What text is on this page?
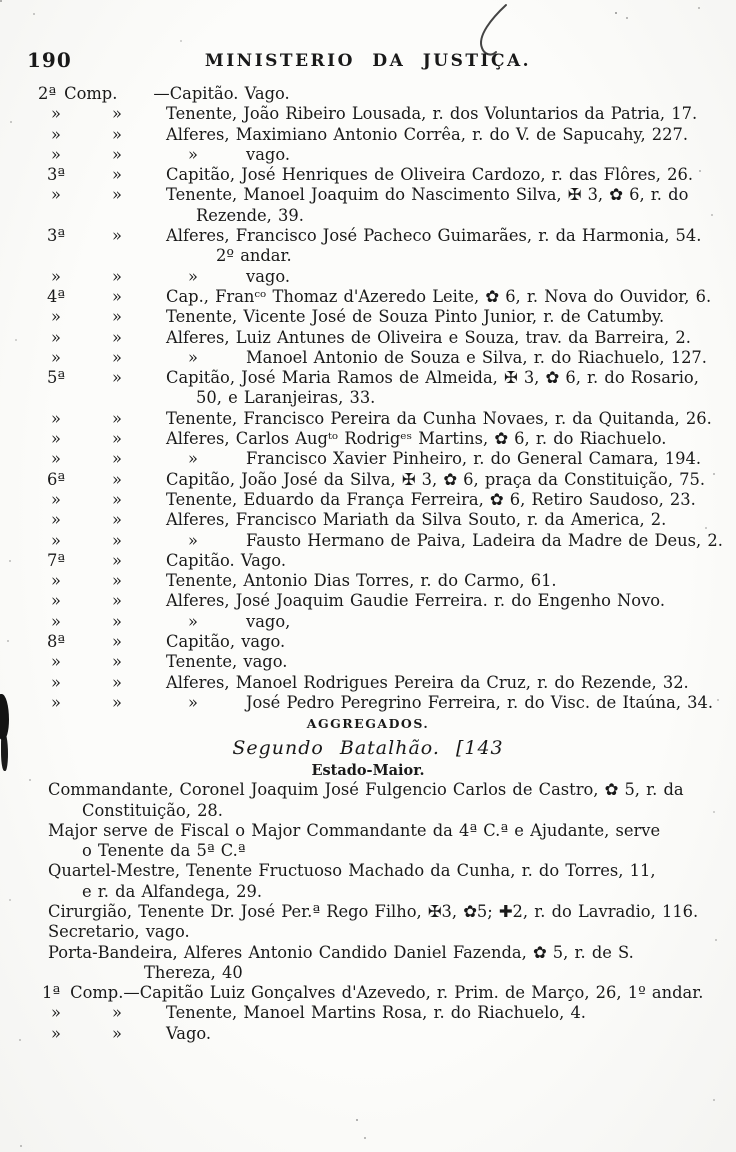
190	MINISTERIO DA JUSTIÇA.
2ª Comp. —Capitão. Vago.
»	»	Tenente, João Ribeiro Lousada, r. dos Voluntarios da Patria, 17.
»	»	Alferes, Maximiano Antonio Corrêa, r. do V. de Sapucahy, 227.
»	»	»	vago.
3ª	»	Capitão, José Henriques de Oliveira Cardozo, r. das Flôres, 26.
»	»	Tenente, Manoel Joaquim do Nascimento Silva, ✠ 3, ✿ 6, r. do
Rezende, 39.
3ª	»	Alferes, Francisco José Pacheco Guimarães, r. da Harmonia, 54.
2º andar.
»	»	»	vago.
4ª	»	Cap., Franᶜᵒ Thomaz d'Azeredo Leite, ✿ 6, r. Nova do Ouvidor, 6.
»	»	Tenente, Vicente José de Souza Pinto Junior, r. de Catumby.
»	»	Alferes, Luiz Antunes de Oliveira e Souza, trav. da Barreira, 2.
»	»	»	Manoel Antonio de Souza e Silva, r. do Riachuelo, 127.
5ª	»	Capitão, José Maria Ramos de Almeida, ✠ 3, ✿ 6, r. do Rosario,
50, e Laranjeiras, 33.
»	»	Tenente, Francisco Pereira da Cunha Novaes, r. da Quitanda, 26.
»	»	Alferes, Carlos Augᵗᵒ Rodrigᵉˢ Martins, ✿ 6, r. do Riachuelo.
»	»	»	Francisco Xavier Pinheiro, r. do General Camara, 194.
6ª	»	Capitão, João José da Silva, ✠ 3, ✿ 6, praça da Constituição, 75.
»	»	Tenente, Eduardo da França Ferreira, ✿ 6, Retiro Saudoso, 23.
»	»	Alferes, Francisco Mariath da Silva Souto, r. da America, 2.
»	»	»	Fausto Hermano de Paiva, Ladeira da Madre de Deus, 2.
7ª	»	Capitão. Vago.
»	»	Tenente, Antonio Dias Torres, r. do Carmo, 61.
»	»	Alferes, José Joaquim Gaudie Ferreira. r. do Engenho Novo.
»	»	»	vago,
8ª	»	Capitão, vago.
»	»	Tenente, vago.
»	»	Alferes, Manoel Rodrigues Pereira da Cruz, r. do Rezende, 32.
»	»	»	José Pedro Peregrino Ferreira, r. do Visc. de Itaúna, 34.
AGGREGADOS.
Segundo Batalhão. [143
Estado-Maior.
Commandante, Coronel Joaquim José Fulgencio Carlos de Castro, ✿ 5, r. da
Constituição, 28.
Major serve de Fiscal o Major Commandante da 4ª C.ª e Ajudante, serve
o Tenente da 5ª C.ª
Quartel-Mestre, Tenente Fructuoso Machado da Cunha, r. do Torres, 11,
e r. da Alfandega, 29.
Cirurgião, Tenente Dr. José Per.ª Rego Filho, ✠3, ✿5; ✚2, r. do Lavradio, 116.
Secretario, vago.
Porta-Bandeira, Alferes Antonio Candido Daniel Fazenda, ✿ 5, r. de S.
Thereza, 40
1ª Comp.—Capitão Luiz Gonçalves d'Azevedo, r. Prim. de Março, 26, 1º andar.
»	»	Tenente, Manoel Martins Rosa, r. do Riachuelo, 4.
»	»	Vago.
